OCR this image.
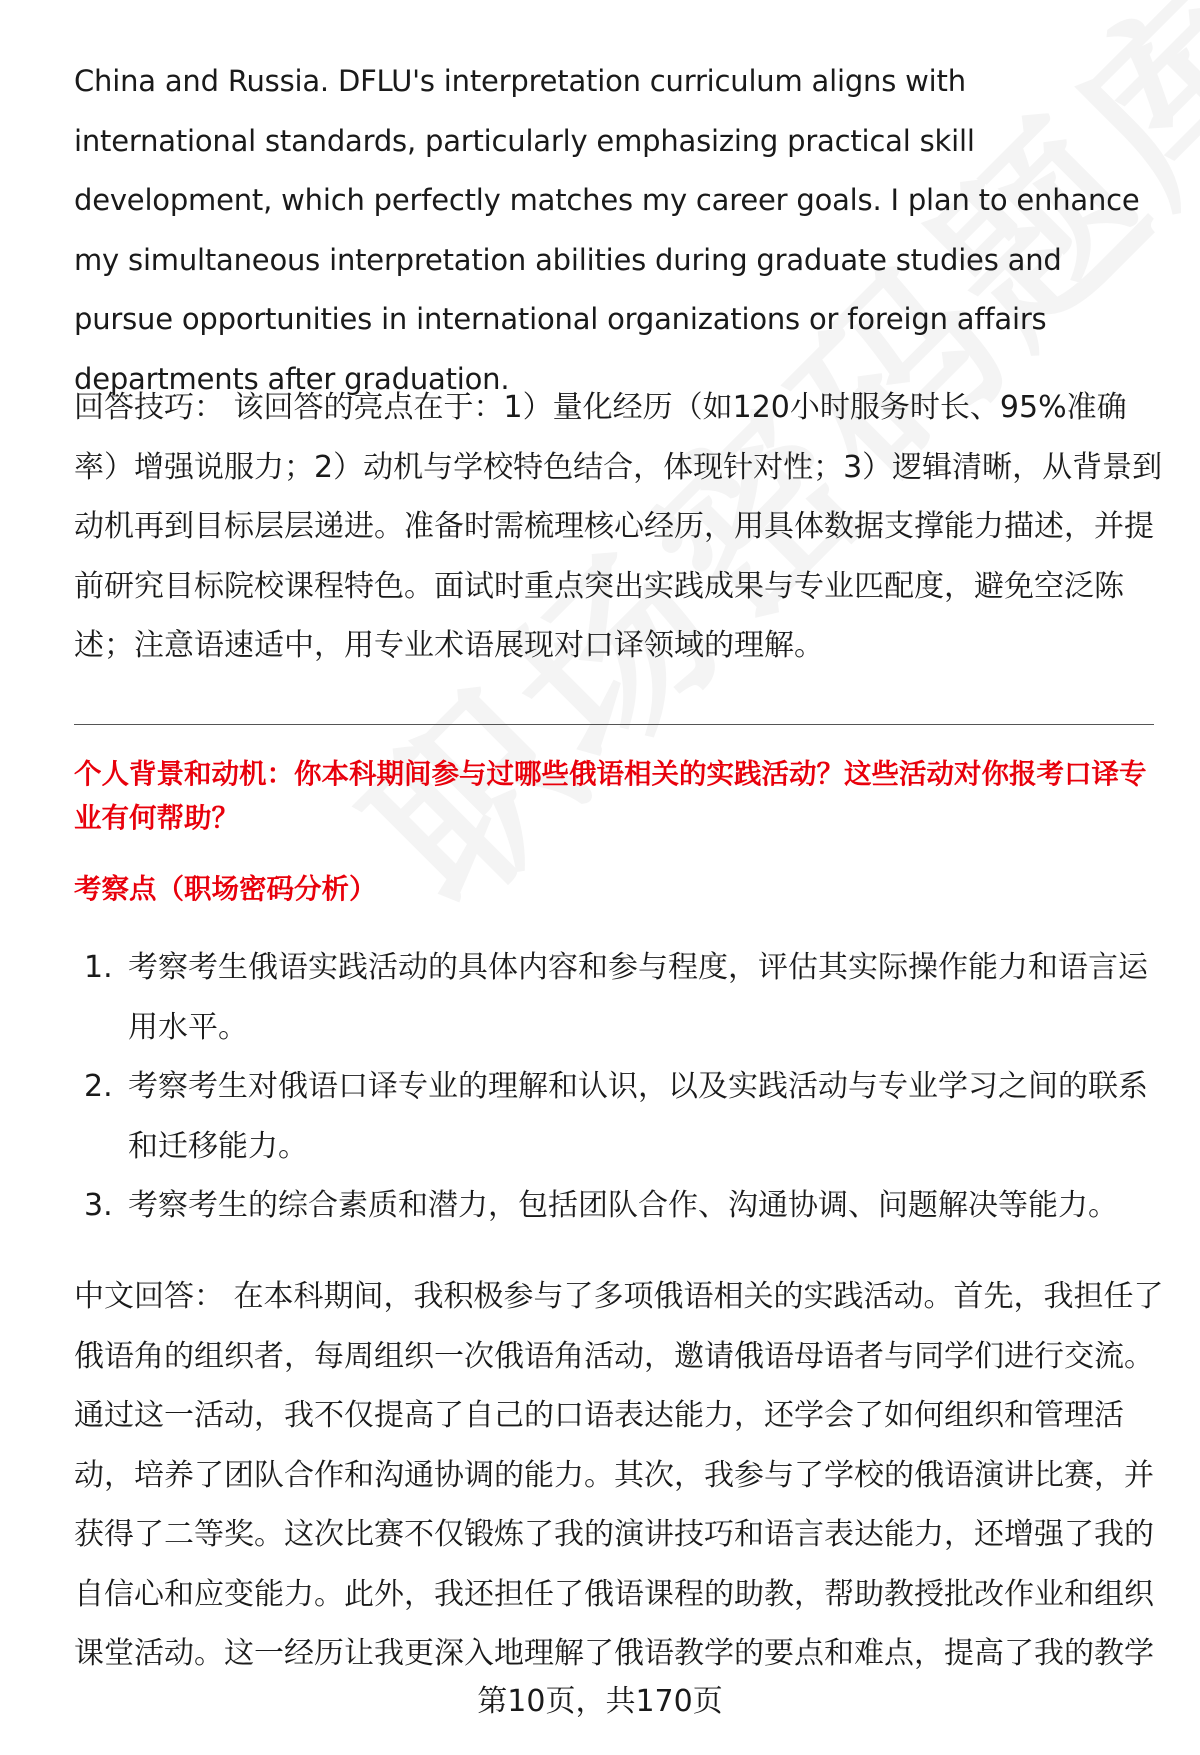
China and Russia. DFLU's interpretation curriculum aligns with international standards, particularly emphasizing practical skill development, which perfectly matches my career goals. I plan to enhance my simultaneous interpretation abilities during graduate studies and pursue opportunities in international organizations or foreign affairs departments after graduation.

回答技巧： 该回答的亮点在于：1）量化经历（如120小时服务时长、95%准确率）增强说服力；2）动机与学校特色结合，体现针对性；3）逻辑清晰，从背景到动机再到目标层层递进。准备时需梳理核心经历，用具体数据支撑能力描述，并提前研究目标院校课程特色。面试时重点突出实践成果与专业匹配度，避免空泛陈述；注意语速适中，用专业术语展现对口译领域的理解。

个人背景和动机：你本科期间参与过哪些俄语相关的实践活动？这些活动对你报考口译专业有何帮助？

考察点（职场密码分析）

1. 考察考生俄语实践活动的具体内容和参与程度，评估其实际操作能力和语言运用水平。
2. 考察考生对俄语口译专业的理解和认识，以及实践活动与专业学习之间的联系和迁移能力。
3. 考察考生的综合素质和潜力，包括团队合作、沟通协调、问题解决等能力。

中文回答： 在本科期间，我积极参与了多项俄语相关的实践活动。首先，我担任了俄语角的组织者，每周组织一次俄语角活动，邀请俄语母语者与同学们进行交流。通过这一活动，我不仅提高了自己的口语表达能力，还学会了如何组织和管理活动，培养了团队合作和沟通协调的能力。其次，我参与了学校的俄语演讲比赛，并获得了二等奖。这次比赛不仅锻炼了我的演讲技巧和语言表达能力，还增强了我的自信心和应变能力。此外，我还担任了俄语课程的助教，帮助教授批改作业和组织课堂活动。这一经历让我更深入地理解了俄语教学的要点和难点，提高了我的教学

第10页，共170页
